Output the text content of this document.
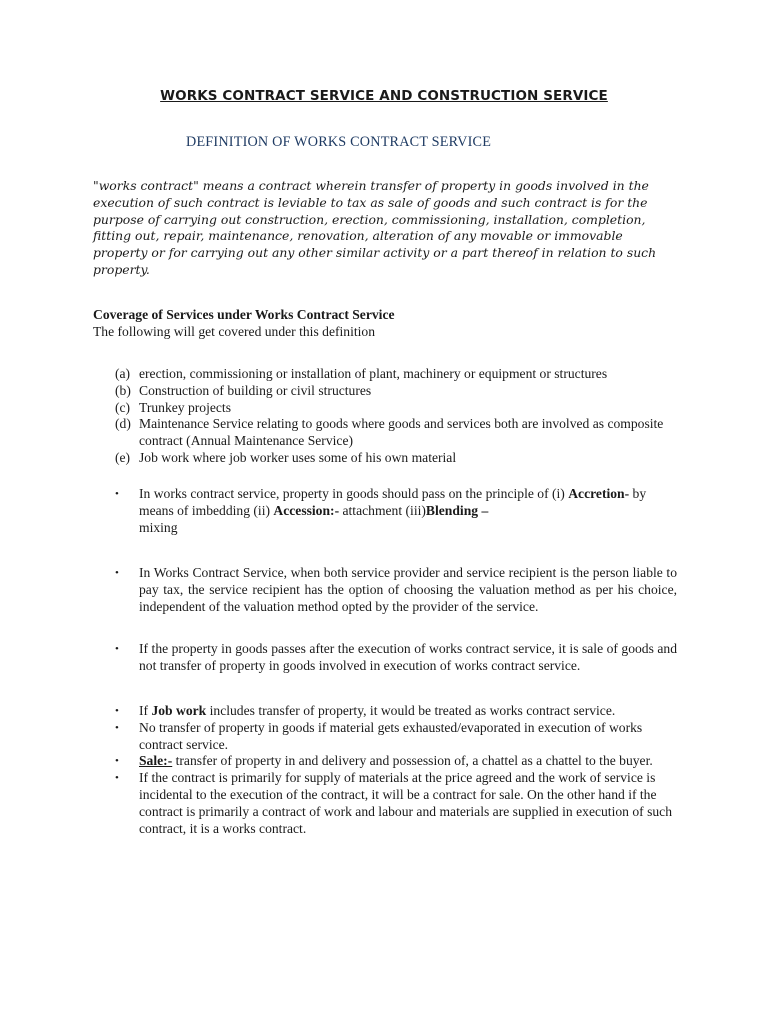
WORKS CONTRACT SERVICE AND CONSTRUCTION SERVICE
DEFINITION OF WORKS CONTRACT SERVICE
"works contract" means a contract wherein transfer of property in goods involved in the execution of such contract is leviable to tax as sale of goods and such contract is for the purpose of carrying out construction, erection, commissioning, installation, completion, fitting out, repair, maintenance, renovation, alteration of any movable or immovable property or for carrying out any other similar activity or a part thereof in relation to such property.
Coverage of Services under Works Contract Service
The following will get covered under this definition
(a) erection, commissioning or installation of plant, machinery or equipment or structures
(b) Construction of building or civil structures
(c) Trunkey projects
(d) Maintenance Service relating to goods where goods and services both are involved as composite contract (Annual Maintenance Service)
(e) Job work where job worker uses some of his own material
•	In works contract service, property in goods should pass on the principle of (i) Accretion- by means of imbedding (ii) Accession:- attachment (iii)Blending –
mixing
•	In Works Contract Service, when both service provider and service recipient is the person liable to pay tax, the service recipient has the option of choosing the valuation method as per his choice, independent of the valuation method opted by the provider of the service.
•	If the property in goods passes after the execution of works contract service, it is sale of goods and not transfer of property in goods involved in execution of works contract service.
•	If Job work includes transfer of property, it would be treated as works contract service.
•	No transfer of property in goods if material gets exhausted/evaporated in execution of works contract service.
•	Sale:- transfer of property in and delivery and possession of, a chattel as a chattel to the buyer.
•	If the contract is primarily for supply of materials at the price agreed and the work of service is incidental to the execution of the contract, it will be a contract for sale. On the other hand if the contract is primarily a contract of work and labour and materials are supplied in execution of such contract, it is a works contract.
